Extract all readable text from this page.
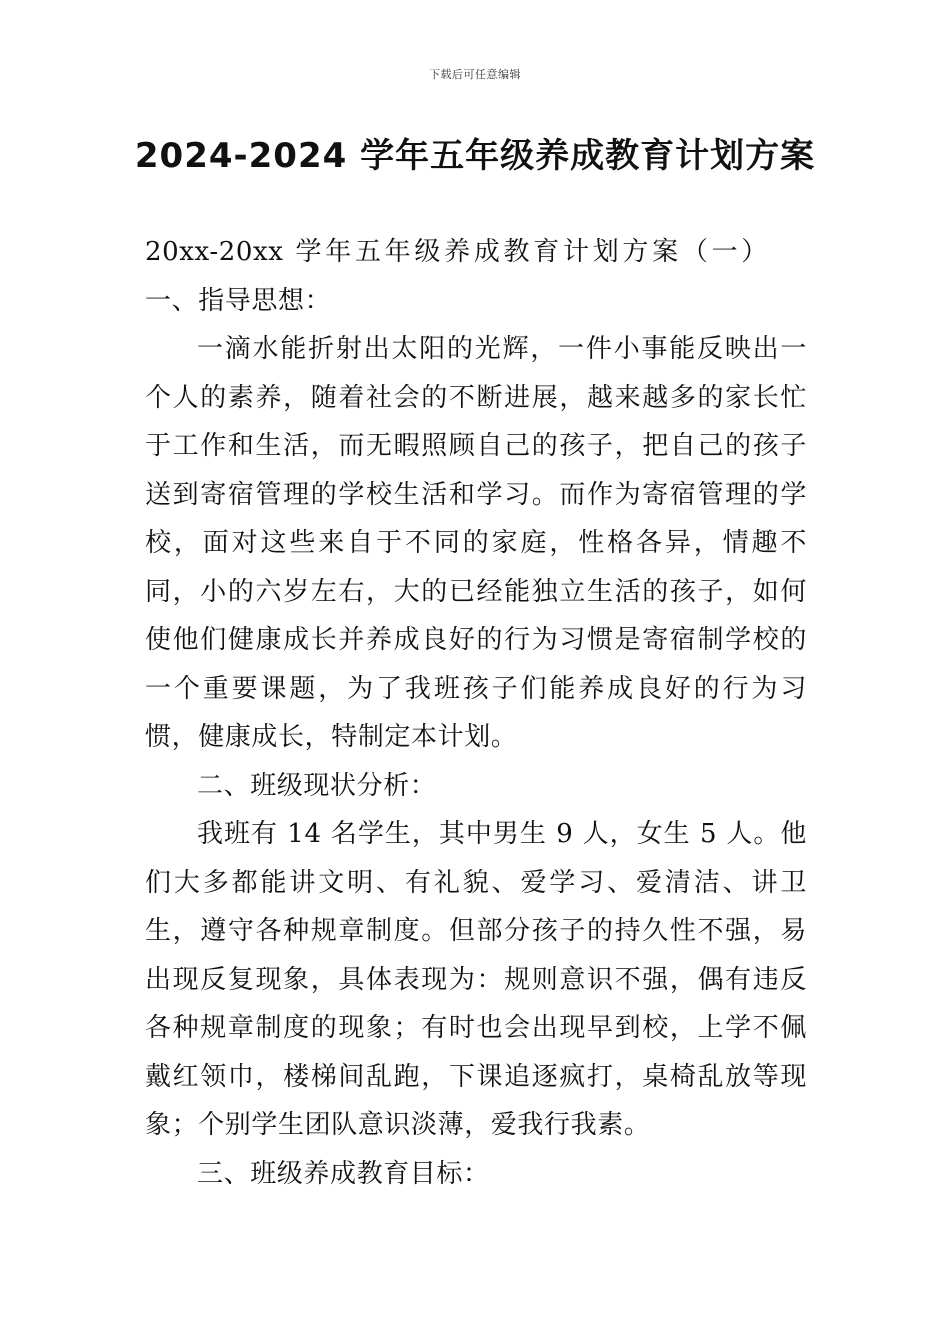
下载后可任意编辑
2024-2024 学年五年级养成教育计划方案

20xx-20xx 学年五年级养成教育计划方案（一）一、指导思想：

一滴水能折射出太阳的光辉，一件小事能反映出一个人的素养，随着社会的不断进展，越来越多的家长忙于工作和生活，而无暇照顾自己的孩子，把自己的孩子送到寄宿管理的学校生活和学习。而作为寄宿管理的学校，面对这些来自于不同的家庭，性格各异，情趣不同，小的六岁左右，大的已经能独立生活的孩子，如何使他们健康成长并养成良好的行为习惯是寄宿制学校的一个重要课题，为了我班孩子们能养成良好的行为习惯，健康成长，特制定本计划。

二、班级现状分析：

我班有 14 名学生，其中男生 9 人，女生 5 人。他们大多都能讲文明、有礼貌、爱学习、爱清洁、讲卫生，遵守各种规章制度。但部分孩子的持久性不强，易出现反复现象，具体表现为：规则意识不强，偶有违反各种规章制度的现象；有时也会出现早到校，上学不佩戴红领巾，楼梯间乱跑，下课追逐疯打，桌椅乱放等现象；个别学生团队意识淡薄，爱我行我素。

三、班级养成教育目标：
